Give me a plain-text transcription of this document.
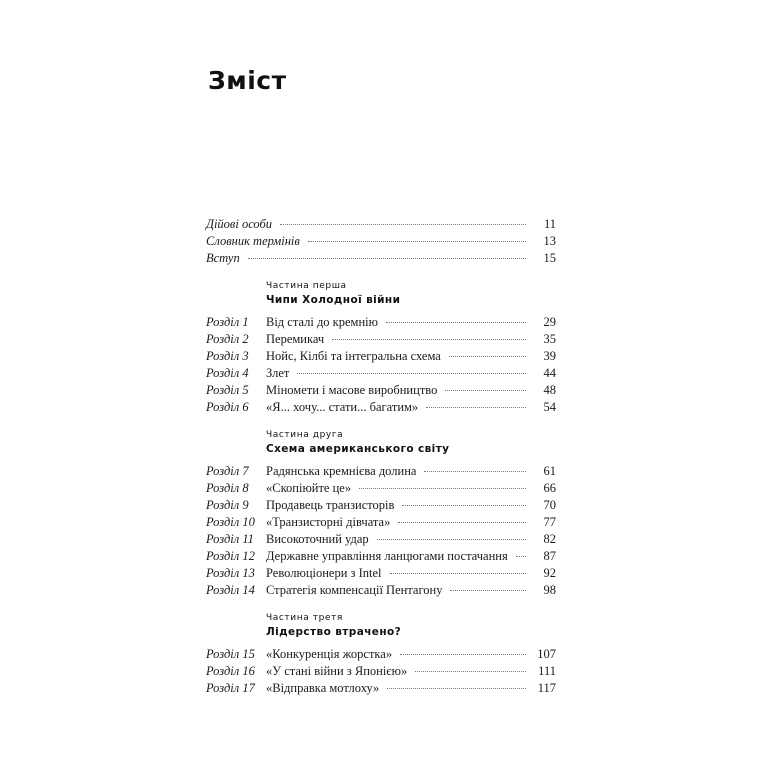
Зміст
Дійові особи	11
Словник термінів	13
Вступ	15
Частина перша
Чипи Холодної війни
Розділ 1	Від сталі до кремнію	29
Розділ 2	Перемикач	35
Розділ 3	Нойс, Кілбі та інтегральна схема	39
Розділ 4	Злет	44
Розділ 5	Міномети і масове виробництво	48
Розділ 6	«Я... хочу... стати... багатим»	54
Частина друга
Схема американського світу
Розділ 7	Радянська кремнієва долина	61
Розділ 8	«Скопіюйте це»	66
Розділ 9	Продавець транзисторів	70
Розділ 10 «Транзисторні дівчата»	77
Розділ 11 Високоточний удар	82
Розділ 12 Державне управління ланцюгами постачання	87
Розділ 13 Революціонери з Intel	92
Розділ 14 Стратегія компенсації Пентагону	98
Частина третя
Лідерство втрачено?
Розділ 15 «Конкуренція жорстка»	107
Розділ 16 «У стані війни з Японією»	111
Розділ 17 «Відправка мотлоху»	117
